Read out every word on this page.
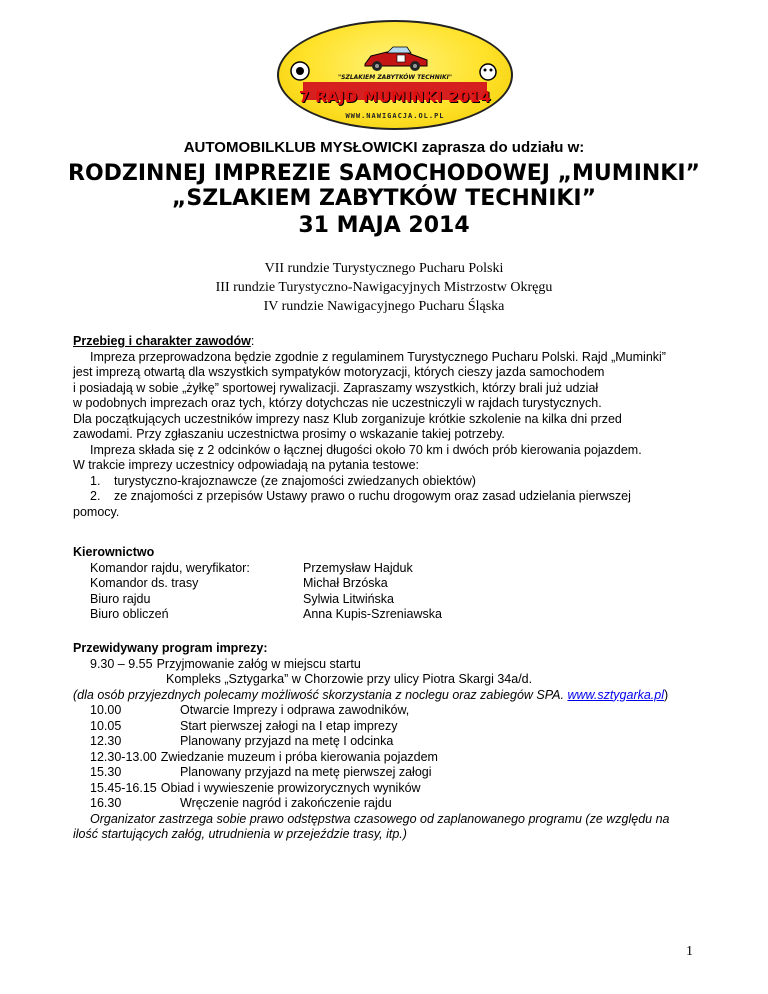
"SZLAKIEM ZABYTKÓW TECHNIKI"
7 RAJD MUMINKI 2014
WWW.NAWIGACJA.OL.PL
AUTOMOBILKLUB MYSŁOWICKI zaprasza do udziału w:
RODZINNEJ IMPREZIE SAMOCHODOWEJ „MUMINKI”
„SZLAKIEM ZABYTKÓW TECHNIKI”
31 MAJA 2014
VII rundzie Turystycznego Pucharu Polski
III rundzie Turystyczno-Nawigacyjnych Mistrzostw Okręgu
IV rundzie Nawigacyjnego Pucharu Śląska
Przebieg i charakter zawodów:
Impreza przeprowadzona będzie zgodnie z regulaminem Turystycznego Pucharu Polski. Rajd „Muminki”
jest imprezą otwartą dla wszystkich sympatyków motoryzacji, których cieszy jazda samochodem
i posiadają w sobie „żyłkę” sportowej rywalizacji. Zapraszamy wszystkich, którzy brali już udział
w podobnych imprezach oraz tych, którzy dotychczas nie uczestniczyli w rajdach turystycznych.
Dla początkujących uczestników imprezy nasz Klub zorganizuje krótkie szkolenie na kilka dni przed
zawodami. Przy zgłaszaniu uczestnictwa prosimy o wskazanie takiej potrzeby.
Impreza składa się z 2 odcinków o łącznej długości około 70 km i dwóch prób kierowania pojazdem.
W trakcie imprezy uczestnicy odpowiadają na pytania testowe:
1. turystyczno-krajoznawcze (ze znajomości zwiedzanych obiektów)
2. ze znajomości z przepisów Ustawy prawo o ruchu drogowym oraz zasad udzielania pierwszej
pomocy.
Kierownictwo
Komandor rajdu, weryfikator:	Przemysław Hajduk
Komandor ds. trasy	Michał Brzóska
Biuro rajdu	Sylwia Litwińska
Biuro obliczeń	Anna Kupis-Szreniawska
Przewidywany program imprezy:
9.30 – 9.55 Przyjmowanie załóg w miejscu startu
Kompleks „Sztygarka” w Chorzowie przy ulicy Piotra Skargi 34a/d.
(dla osób przyjezdnych polecamy możliwość skorzystania z noclegu oraz zabiegów SPA. www.sztygarka.pl)
10.00	Otwarcie Imprezy i odprawa zawodników,
10.05	Start pierwszej załogi na I etap imprezy
12.30	Planowany przyjazd na metę I odcinka
12.30-13.00 Zwiedzanie muzeum i próba kierowania pojazdem
15.30	Planowany przyjazd na metę pierwszej załogi
15.45-16.15 Obiad i wywieszenie prowizorycznych wyników
16.30	Wręczenie nagród i zakończenie rajdu
Organizator zastrzega sobie prawo odstępstwa czasowego od zaplanowanego programu (ze względu na
ilość startujących załóg, utrudnienia w przejeździe trasy, itp.)
1
